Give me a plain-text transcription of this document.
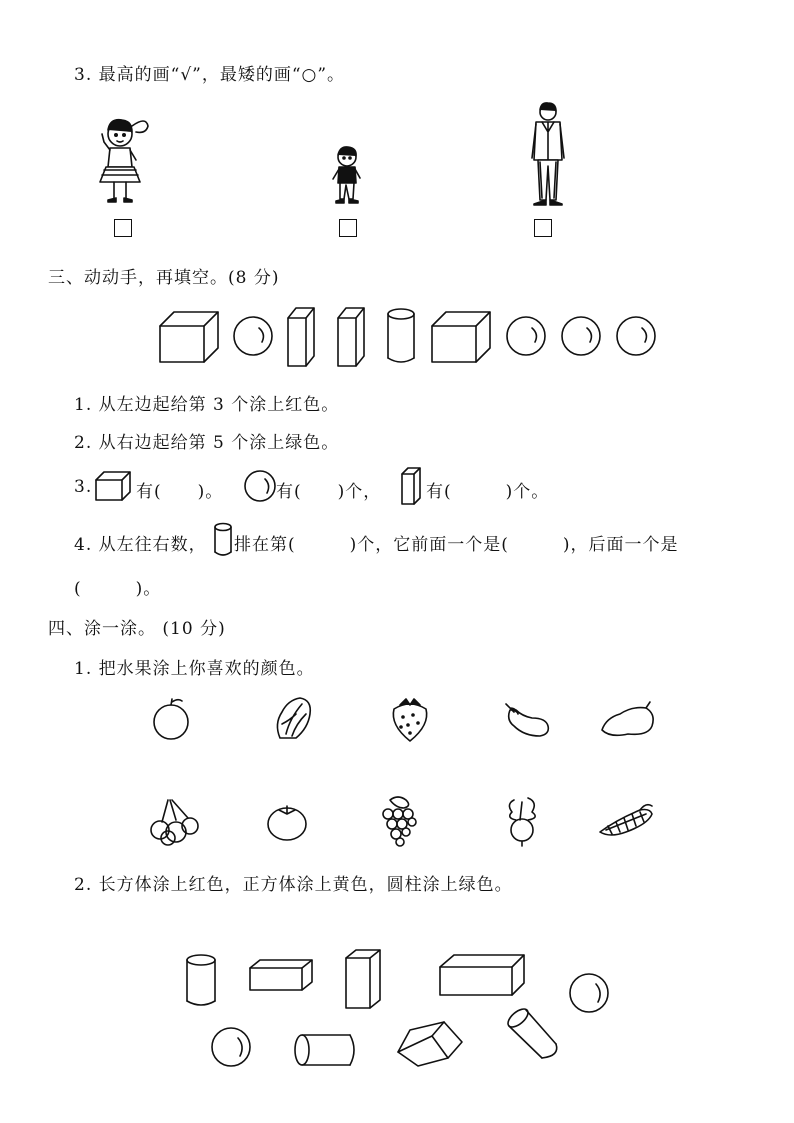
3. 最高的画“√”，最矮的画“○”。
三、动动手，再填空。(8 分)
1. 从左边起给第 3 个涂上红色。
2. 从右边起给第 5 个涂上绿色。
3.	有(　　)。	有(　　)个，	有(　　　)个。
4. 从左往右数， 排在第(　　　)个，它前面一个是(　　　)，后面一个是
(　　　)。
四、涂一涂。 (10 分)
1. 把水果涂上你喜欢的颜色。
2. 长方体涂上红色，正方体涂上黄色，圆柱涂上绿色。
